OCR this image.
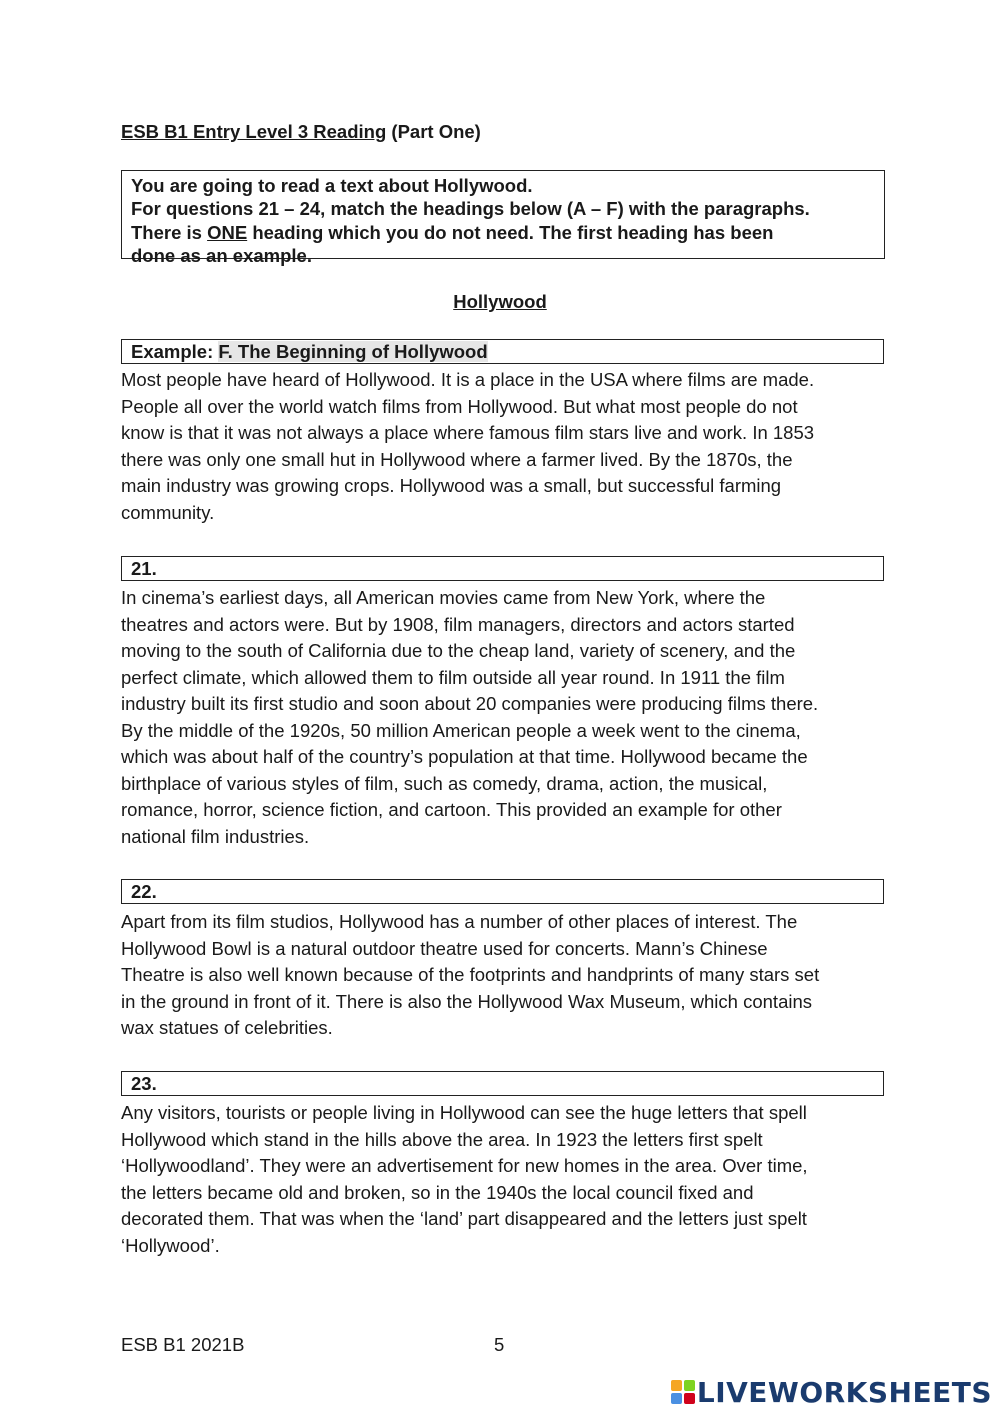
ESB B1 Entry Level 3 Reading (Part One)
You are going to read a text about Hollywood.
For questions 21 – 24, match the headings below (A – F) with the paragraphs.
There is ONE heading which you do not need. The first heading has been
done as an example.
Hollywood
Example: F. The Beginning of Hollywood
Most people have heard of Hollywood. It is a place in the USA where films are made.
People all over the world watch films from Hollywood. But what most people do not
know is that it was not always a place where famous film stars live and work. In 1853
there was only one small hut in Hollywood where a farmer lived. By the 1870s, the
main industry was growing crops. Hollywood was a small, but successful farming
community.
21.
In cinema’s earliest days, all American movies came from New York, where the
theatres and actors were. But by 1908, film managers, directors and actors started
moving to the south of California due to the cheap land, variety of scenery, and the
perfect climate, which allowed them to film outside all year round. In 1911 the film
industry built its first studio and soon about 20 companies were producing films there.
By the middle of the 1920s, 50 million American people a week went to the cinema,
which was about half of the country’s population at that time. Hollywood became the
birthplace of various styles of film, such as comedy, drama, action, the musical,
romance, horror, science fiction, and cartoon. This provided an example for other
national film industries.
22.
Apart from its film studios, Hollywood has a number of other places of interest. The
Hollywood Bowl is a natural outdoor theatre used for concerts. Mann’s Chinese
Theatre is also well known because of the footprints and handprints of many stars set
in the ground in front of it. There is also the Hollywood Wax Museum, which contains
wax statues of celebrities.
23.
Any visitors, tourists or people living in Hollywood can see the huge letters that spell
Hollywood which stand in the hills above the area. In 1923 the letters first spelt
‘Hollywoodland’. They were an advertisement for new homes in the area. Over time,
the letters became old and broken, so in the 1940s the local council fixed and
decorated them. That was when the ‘land’ part disappeared and the letters just spelt
‘Hollywood’.
ESB B1 2021B	5
LIVEWORKSHEETS
